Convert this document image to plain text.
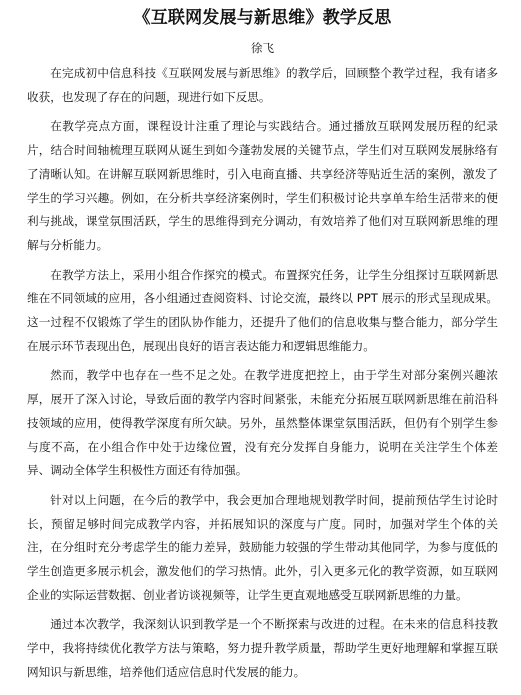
《互联网发展与新思维》教学反思
徐飞

在完成初中信息科技《互联网发展与新思维》的教学后，回顾整个教学过程，我有诸多收获，也发现了存在的问题，现进行如下反思。

在教学亮点方面，课程设计注重了理论与实践结合。通过播放互联网发展历程的纪录片，结合时间轴梳理互联网从诞生到如今蓬勃发展的关键节点，学生们对互联网发展脉络有了清晰认知。在讲解互联网新思维时，引入电商直播、共享经济等贴近生活的案例，激发了学生的学习兴趣。例如，在分析共享经济案例时，学生们积极讨论共享单车给生活带来的便利与挑战，课堂氛围活跃，学生的思维得到充分调动，有效培养了他们对互联网新思维的理解与分析能力。

在教学方法上，采用小组合作探究的模式。布置探究任务，让学生分组探讨互联网新思维在不同领域的应用，各小组通过查阅资料、讨论交流，最终以 PPT 展示的形式呈现成果。这一过程不仅锻炼了学生的团队协作能力，还提升了他们的信息收集与整合能力，部分学生在展示环节表现出色，展现出良好的语言表达能力和逻辑思维能力。

然而，教学中也存在一些不足之处。在教学进度把控上，由于学生对部分案例兴趣浓厚，展开了深入讨论，导致后面的教学内容时间紧张，未能充分拓展互联网新思维在前沿科技领域的应用，使得教学深度有所欠缺。另外，虽然整体课堂氛围活跃，但仍有个别学生参与度不高，在小组合作中处于边缘位置，没有充分发挥自身能力，说明在关注学生个体差异、调动全体学生积极性方面还有待加强。

针对以上问题，在今后的教学中，我会更加合理地规划教学时间，提前预估学生讨论时长，预留足够时间完成教学内容，并拓展知识的深度与广度。同时，加强对学生个体的关注，在分组时充分考虑学生的能力差异，鼓励能力较强的学生带动其他同学，为参与度低的学生创造更多展示机会，激发他们的学习热情。此外，引入更多元化的教学资源，如互联网企业的实际运营数据、创业者访谈视频等，让学生更直观地感受互联网新思维的力量。

通过本次教学，我深刻认识到教学是一个不断探索与改进的过程。在未来的信息科技教学中，我将持续优化教学方法与策略，努力提升教学质量，帮助学生更好地理解和掌握互联网知识与新思维，培养他们适应信息时代发展的能力。
